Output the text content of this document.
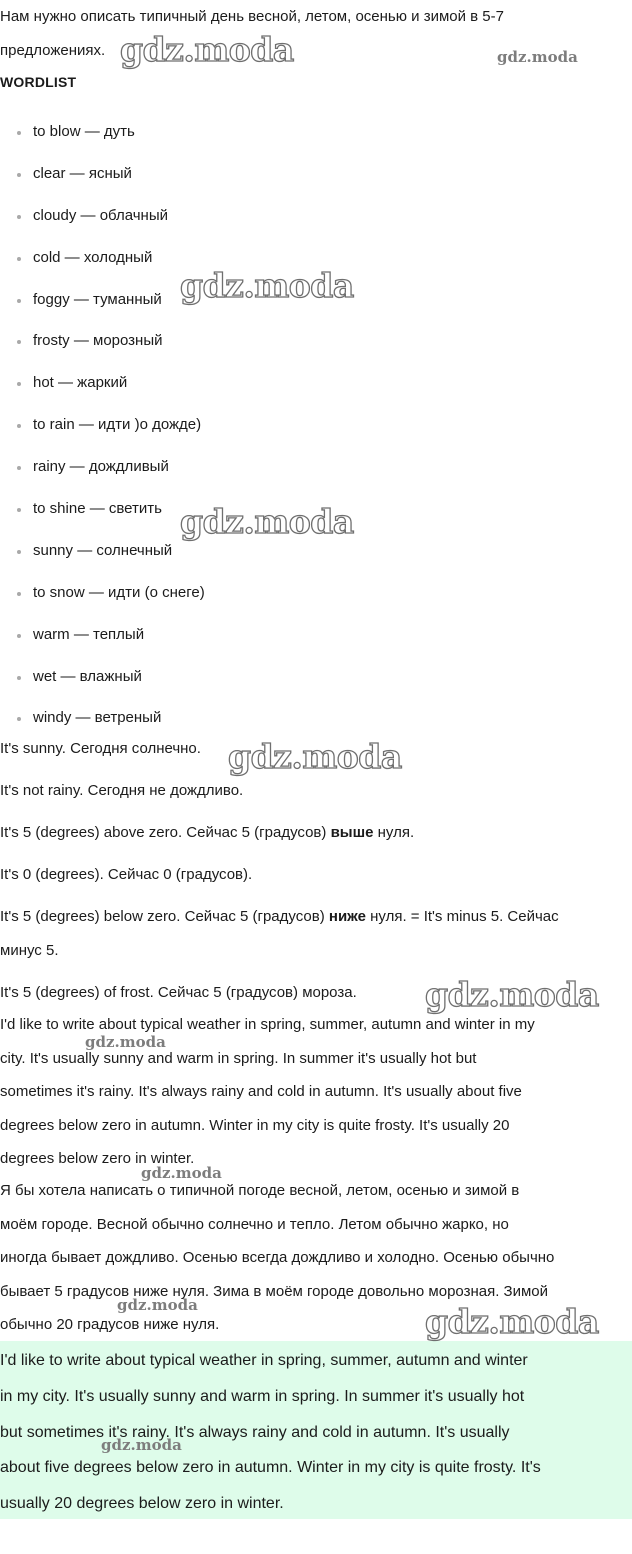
Нам нужно описать типичный день весной, летом, осенью и зимой в 5-7
предложениях.
WORDLIST
to blow — дуть
clear — ясный
cloudy — облачный
cold — холодный
foggy — туманный
frosty — морозный
hot — жаркий
to rain — идти )о дожде)
rainy — дождливый
to shine — светить
sunny — солнечный
to snow — идти (о снеге)
warm — теплый
wet — влажный
windy — ветреный
It's sunny. Сегодня солнечно.
It's not rainy. Сегодня не дождливо.
It's 5 (degrees) above zero. Сейчас 5 (градусов) выше нуля.
It's 0 (degrees). Сейчас 0 (градусов).
It's 5 (degrees) below zero. Сейчас 5 (градусов) ниже нуля. = It's minus 5. Сейчас
минус 5.
It's 5 (degrees) of frost. Сейчас 5 (градусов) мороза.
I'd like to write about typical weather in spring, summer, autumn and winter in my
city. It's usually sunny and warm in spring. In summer it's usually hot but
sometimes it's rainy. It's always rainy and cold in autumn. It's usually about five
degrees below zero in autumn. Winter in my city is quite frosty. It's usually 20
degrees below zero in winter.
Я бы хотела написать о типичной погоде весной, летом, осенью и зимой в
моём городе. Весной обычно солнечно и тепло. Летом обычно жарко, но
иногда бывает дождливо. Осенью всегда дождливо и холодно. Осенью обычно
бывает 5 градусов ниже нуля. Зима в моём городе довольно морозная. Зимой
обычно 20 градусов ниже нуля.
I'd like to write about typical weather in spring, summer, autumn and winter
in my city. It's usually sunny and warm in spring. In summer it's usually hot
but sometimes it's rainy. It's always rainy and cold in autumn. It's usually
about five degrees below zero in autumn. Winter in my city is quite frosty. It's
usually 20 degrees below zero in winter.
gdz.moda	gdz.moda
gdz.moda
gdz.moda
gdz.moda
gdz.moda
gdz.moda
gdz.moda
gdz.moda	gdz.moda
gdz.moda
